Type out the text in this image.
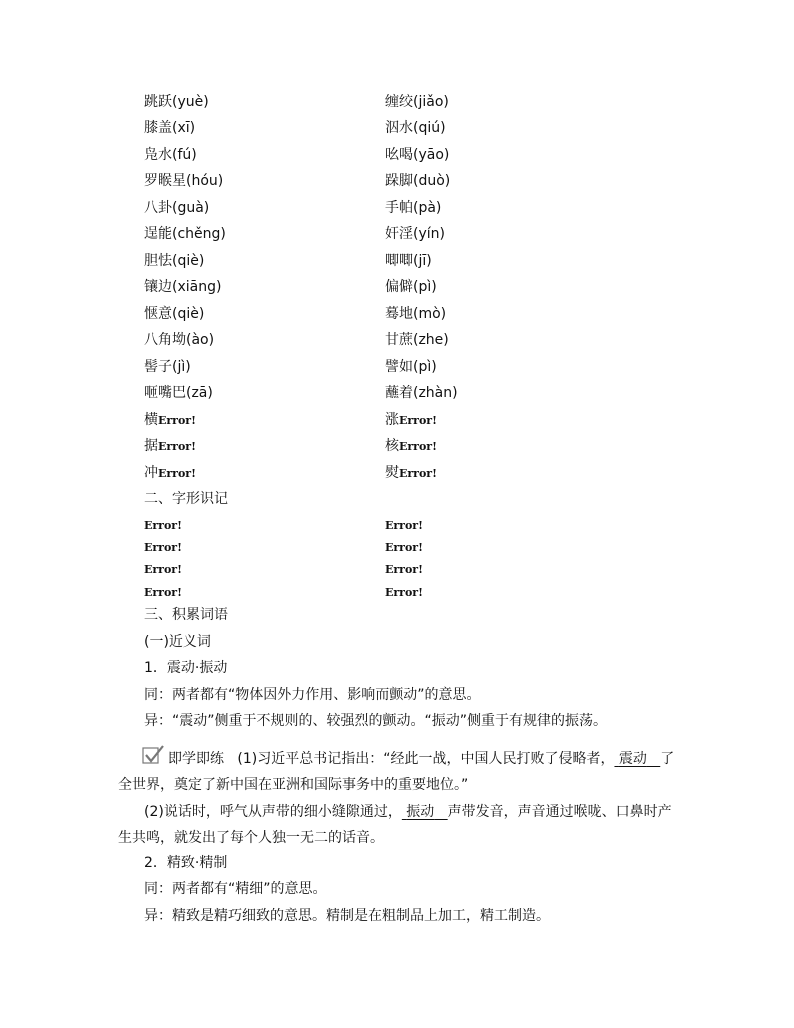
跳跃(yuè)	缠绞(jiǎo)
膝盖(xī)	泅水(qiú)
凫水(fú)	吆喝(yāo)
罗睺星(hóu)	跺脚(duò)
八卦(guà)	手帕(pà)
逞能(chěng)	奸淫(yín)
胆怯(qiè)	唧唧(jī)
镶边(xiāng)	偏僻(pì)
惬意(qiè)	蓦地(mò)
八角坳(ào)	甘蔗(zhe)
髻子(jì)	譬如(pì)
咂嘴巴(zā)	蘸着(zhàn)
横Error!	涨Error!
据Error!	核Error!
冲Error!	熨Error!
二、字形识记
Error!	Error!
Error!	Error!
Error!	Error!
Error!	Error!
三、积累词语
(一)近义词
1．震动·振动
同：两者都有“物体因外力作用、影响而颤动”的意思。
异：“震动”侧重于不规则的、较强烈的颤动。“振动”侧重于有规律的振荡。
即学即练 (1)习近平总书记指出：“经此一战，中国人民打败了侵略者， 震动 了全世界，奠定了新中国在亚洲和国际事务中的重要地位。”
(2)说话时，呼气从声带的细小缝隙通过， 振动 声带发音，声音通过喉咙、口鼻时产生共鸣，就发出了每个人独一无二的话音。
2．精致·精制
同：两者都有“精细”的意思。
异：精致是精巧细致的意思。精制是在粗制品上加工，精工制造。
